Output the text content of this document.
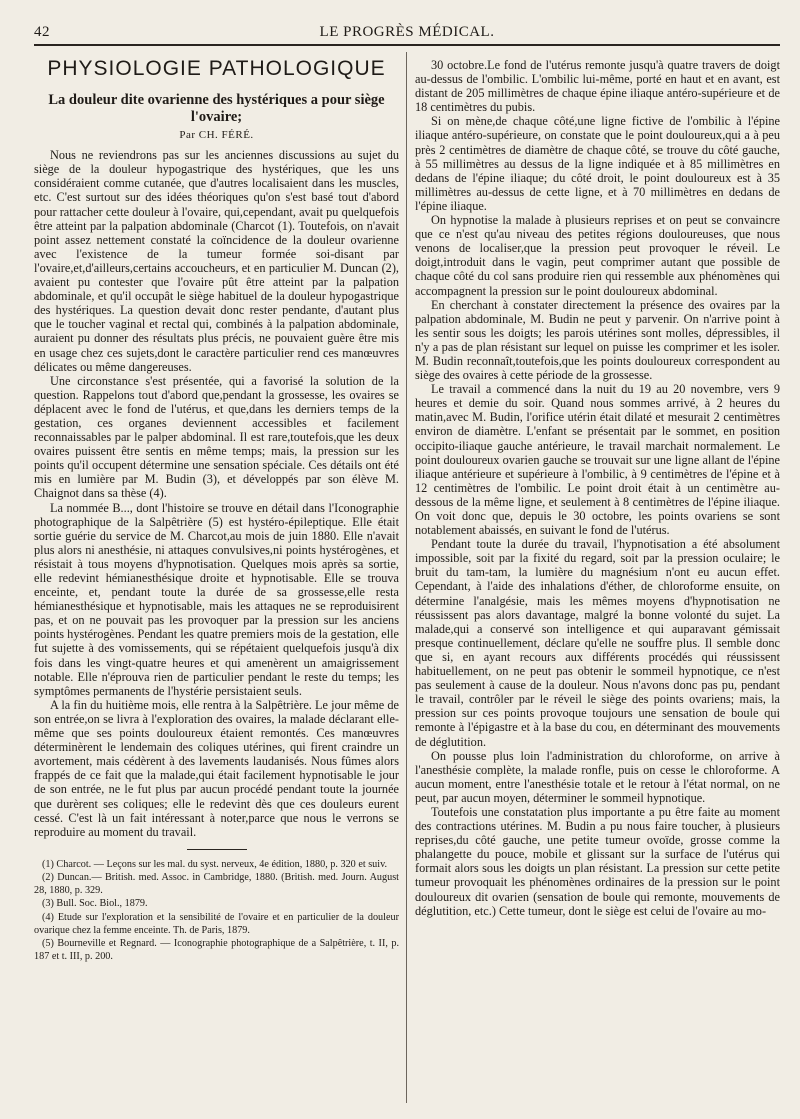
42	LE PROGRÈS MÉDICAL.
PHYSIOLOGIE PATHOLOGIQUE
La douleur dite ovarienne des hystériques a pour siège l'ovaire;
Par CH. FÉRÉ.

Nous ne reviendrons pas sur les anciennes discussions au sujet du siège de la douleur hypogastrique des hystériques, que les uns considéraient comme cutanée, que d'autres localisaient dans les muscles, etc. C'est surtout sur des idées théoriques qu'on s'est basé tout d'abord pour rattacher cette douleur à l'ovaire, qui,cependant, avait pu quelquefois être atteint par la palpation abdominale (Charcot (1). Toutefois, on n'avait point assez nettement constaté la coïncidence de la douleur ovarienne avec l'existence de la tumeur formée soi-disant par l'ovaire,et,d'ailleurs,certains accoucheurs, et en particulier M. Duncan (2), avaient pu contester que l'ovaire pût être atteint par la palpation abdominale, et qu'il occupât le siège habituel de la douleur hypogastrique des hystériques. La question devait donc rester pendante, d'autant plus que le toucher vaginal et rectal qui, combinés à la palpation abdominale, auraient pu donner des résultats plus précis, ne pouvaient guère être mis en usage chez ces sujets,dont le caractère particulier rend ces manœuvres délicates ou même dangereuses.

Une circonstance s'est présentée, qui a favorisé la solution de la question. Rappelons tout d'abord que,pendant la grossesse, les ovaires se déplacent avec le fond de l'utérus, et que,dans les derniers temps de la gestation, ces organes deviennent accessibles et facilement reconnaissables par le palper abdominal. Il est rare,toutefois,que les deux ovaires puissent être sentis en même temps; mais, la pression sur les points qu'il occupent détermine une sensation spéciale. Ces détails ont été mis en lumière par M. Budin (3), et développés par son élève M. Chaignot dans sa thèse (4).

La nommée B..., dont l'histoire se trouve en détail dans l'Iconographie photographique de la Salpêtrière (5) est hystéro-épileptique. Elle était sortie guérie du service de M. Charcot,au mois de juin 1880. Elle n'avait plus alors ni anesthésie, ni attaques convulsives,ni points hystérogènes, et résistait à tous moyens d'hypnotisation. Quelques mois après sa sortie, elle redevint hémianesthésique droite et hypnotisable. Elle se trouva enceinte, et, pendant toute la durée de sa grossesse,elle resta hémianesthésique et hypnotisable, mais les attaques ne se reproduisirent pas, et on ne pouvait pas les provoquer par la pression sur les anciens points hystérogènes. Pendant les quatre premiers mois de la gestation, elle fut sujette à des vomissements, qui se répétaient quelquefois jusqu'à dix fois dans les vingt-quatre heures et qui amenèrent un amaigrissement notable. Elle n'éprouva rien de particulier pendant le reste du temps; les symptômes permanents de l'hystérie persistaient seuls.

A la fin du huitième mois, elle rentra à la Salpêtrière. Le jour même de son entrée,on se livra à l'exploration des ovaires, la malade déclarant elle-même que ses points douloureux étaient remontés. Ces manœuvres déterminèrent le lendemain des coliques utérines, qui firent craindre un avortement, mais cédèrent à des lavements laudanisés. Nous fûmes alors frappés de ce fait que la malade,qui était facilement hypnotisable le jour de son entrée, ne le fut plus par aucun procédé pendant toute la journée que durèrent ses coliques; elle le redevint dès que ces douleurs eurent cessé. C'est là un fait intéressant à noter,parce que nous le verrons se reproduire au moment du travail.

(1) Charcot. — Leçons sur les mal. du syst. nerveux, 4e édition, 1880, p. 320 et suiv.

(2) Duncan.— British. med. Assoc. in Cambridge, 1880. (British. med. Journ. August 28, 1880, p. 329.

(3) Bull. Soc. Biol., 1879.

(4) Etude sur l'exploration et la sensibilité de l'ovaire et en particulier de la douleur ovarique chez la femme enceinte. Th. de Paris, 1879.

(5) Bourneville et Regnard. — Iconographie photographique de a Salpêtrière, t. II, p. 187 et t. III, p. 200.

30 octobre.Le fond de l'utérus remonte jusqu'à quatre travers de doigt au-dessus de l'ombilic. L'ombilic lui-même, porté en haut et en avant, est distant de 205 millimètres de chaque épine iliaque antéro-supérieure et de 18 centimètres du pubis.

Si on mène,de chaque côté,une ligne fictive de l'ombilic à l'épine iliaque antéro-supérieure, on constate que le point douloureux,qui a à peu près 2 centimètres de diamètre de chaque côté, se trouve du côté gauche, à 55 millimètres au dessus de la ligne indiquée et à 85 millimètres en dedans de l'épine iliaque; du côté droit, le point douloureux est à 35 millimètres au-dessus de cette ligne, et à 70 millimètres en dedans de l'épine iliaque.

On hypnotise la malade à plusieurs reprises et on peut se convaincre que ce n'est qu'au niveau des petites régions douloureuses, que nous venons de localiser,que la pression peut provoquer le réveil. Le doigt,introduit dans le vagin, peut comprimer autant que possible de chaque côté du col sans produire rien qui ressemble aux phénomènes qui accompagnent la pression sur le point douloureux abdominal.

En cherchant à constater directement la présence des ovaires par la palpation abdominale, M. Budin ne peut y parvenir. On n'arrive point à les sentir sous les doigts; les parois utérines sont molles, dépressibles, il n'y a pas de plan résistant sur lequel on puisse les comprimer et les isoler. M. Budin reconnaît,toutefois,que les points douloureux correspondent au siège des ovaires à cette période de la grossesse.

Le travail a commencé dans la nuit du 19 au 20 novembre, vers 9 heures et demie du soir. Quand nous sommes arrivé, à 2 heures du matin,avec M. Budin, l'orifice utérin était dilaté et mesurait 2 centimètres environ de diamètre. L'enfant se présentait par le sommet, en position occipito-iliaque gauche antérieure, le travail marchait normalement. Le point douloureux ovarien gauche se trouvait sur une ligne allant de l'épine iliaque antérieure et supérieure à l'ombilic, à 9 centimètres de l'épine et à 12 centimètres de l'ombilic. Le point droit était à un centimètre au-dessous de la même ligne, et seulement à 8 centimètres de l'épine iliaque. On voit donc que, depuis le 30 octobre, les points ovariens se sont notablement abaissés, en suivant le fond de l'utérus.

Pendant toute la durée du travail, l'hypnotisation a été absolument impossible, soit par la fixité du regard, soit par la pression oculaire; le bruit du tam-tam, la lumière du magnésium n'ont eu aucun effet. Cependant, à l'aide des inhalations d'éther, de chloroforme ensuite, on détermine l'analgésie, mais les mêmes moyens d'hypnotisation ne réussissent pas alors davantage, malgré la bonne volonté du sujet. La malade,qui a conservé son intelligence et qui auparavant gémissait presque continuellement, déclare qu'elle ne souffre plus. Il semble donc que si, en ayant recours aux différents procédés qui réussissent habituellement, on ne peut pas obtenir le sommeil hypnotique, ce n'est pas seulement à cause de la douleur. Nous n'avons donc pas pu, pendant le travail, contrôler par le réveil le siège des points ovariens; mais, la pression sur ces points provoque toujours une sensation de boule qui remonte à l'épigastre et à la base du cou, en déterminant des mouvements de déglutition.

On pousse plus loin l'administration du chloroforme, on arrive à l'anesthésie complète, la malade ronfle, puis on cesse le chloroforme. A aucun moment, entre l'anesthésie totale et le retour à l'état normal, on ne peut, par aucun moyen, déterminer le sommeil hypnotique.

Toutefois une constatation plus importante a pu être faite au moment des contractions utérines. M. Budin a pu nous faire toucher, à plusieurs reprises,du côté gauche, une petite tumeur ovoïde, grosse comme la phalangette du pouce, mobile et glissant sur la surface de l'utérus qui formait alors sous les doigts un plan résistant. La pression sur cette petite tumeur provoquait les phénomènes ordinaires de la pression sur le point douloureux dit ovarien (sensation de boule qui remonte, mouvements de déglutition, etc.) Cette tumeur, dont le siège est celui de l'ovaire au mo-
